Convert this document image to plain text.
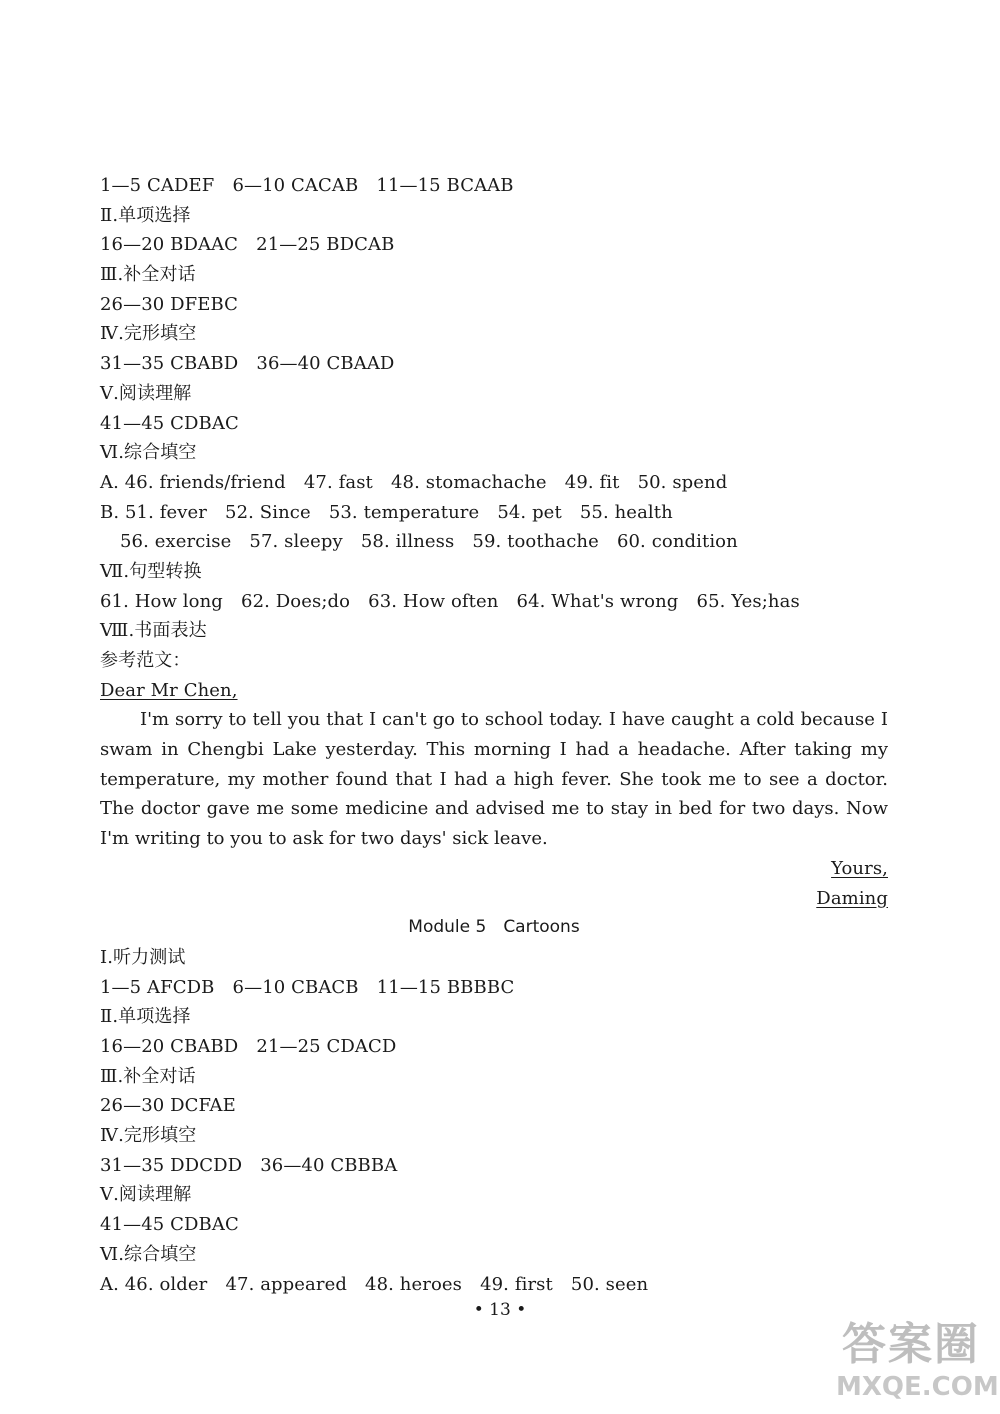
1—5 CADEF　6—10 CACAB　11—15 BCAAB
Ⅱ.单项选择
16—20 BDAAC　21—25 BDCAB
Ⅲ.补全对话
26—30 DFEBC
Ⅳ.完形填空
31—35 CBABD　36—40 CBAAD
Ⅴ.阅读理解
41—45 CDBAC
Ⅵ.综合填空
A. 46. friends/friend　47. fast　48. stomachache　49. fit　50. spend
B. 51. fever　52. Since　53. temperature　54. pet　55. health
56. exercise　57. sleepy　58. illness　59. toothache　60. condition
Ⅶ.句型转换
61. How long　62. Does;do　63. How often　64. What's wrong　65. Yes;has
Ⅷ.书面表达
参考范文：
Dear Mr Chen,
I'm sorry to tell you that I can't go to school today. I have caught a cold because I swam in Chengbi Lake yesterday. This morning I had a headache. After taking my temperature, my mother found that I had a high fever. She took me to see a doctor. The doctor gave me some medicine and advised me to stay in bed for two days. Now I'm writing to you to ask for two days' sick leave.
Yours,
Daming
Module 5　Cartoons
Ⅰ.听力测试
1—5 AFCDB　6—10 CBACB　11—15 BBBBC
Ⅱ.单项选择
16—20 CBABD　21—25 CDACD
Ⅲ.补全对话
26—30 DCFAE
Ⅳ.完形填空
31—35 DDCDD　36—40 CBBBA
Ⅴ.阅读理解
41—45 CDBAC
Ⅵ.综合填空
A. 46. older　47. appeared　48. heroes　49. first　50. seen
• 13 •
答案圈
MXQE.COM
